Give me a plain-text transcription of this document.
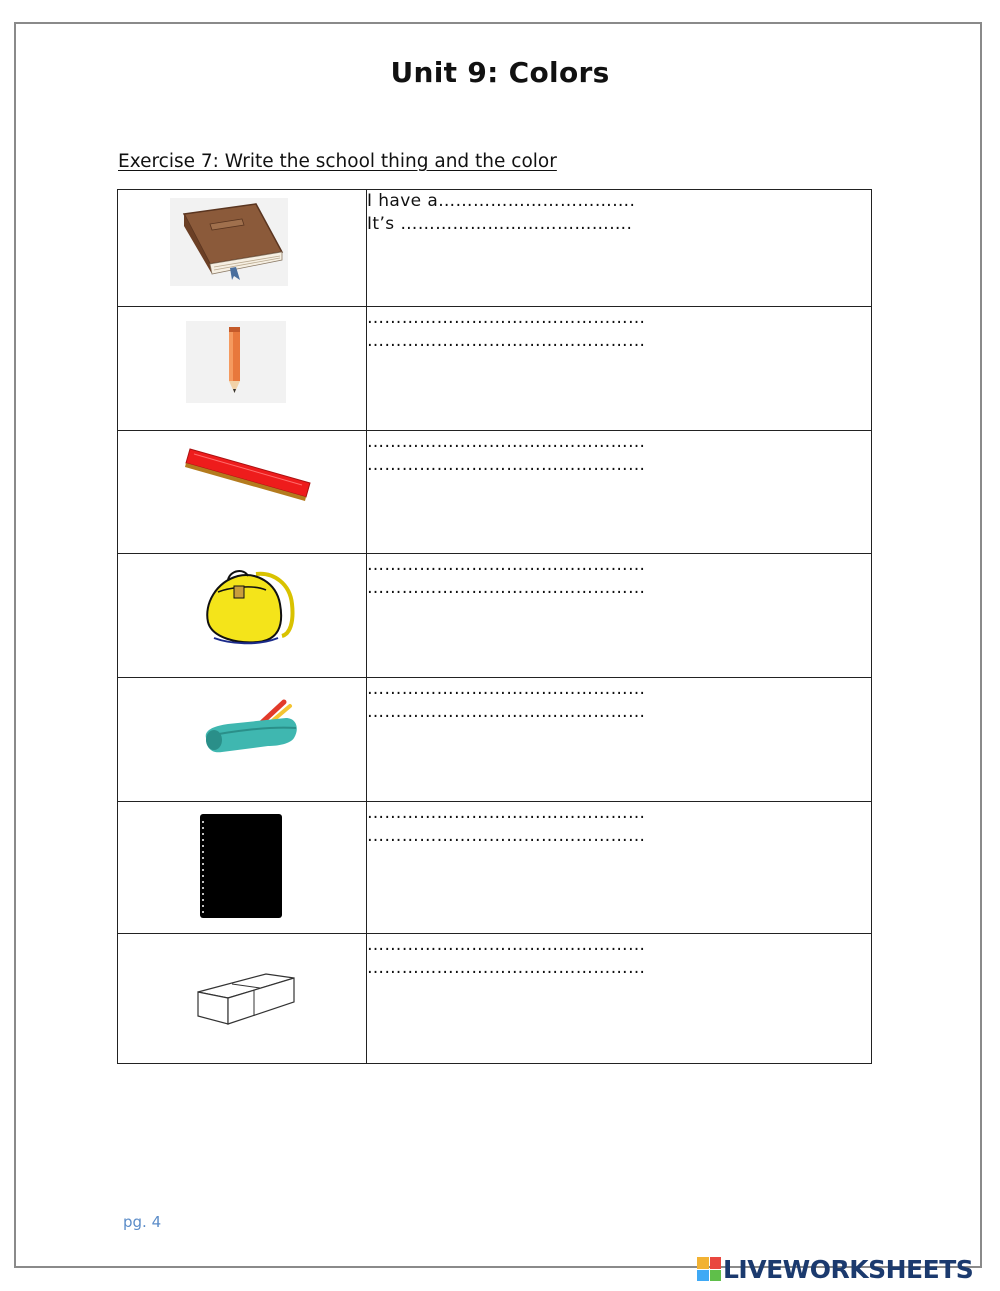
Unit 9: Colors
Exercise 7: Write the school thing and the color

I have a…………………………….
It’s ………………………………….

…………………………………………
…………………………………………

…………………………………………
…………………………………………

…………………………………………
…………………………………………

…………………………………………
…………………………………………

…………………………………………
…………………………………………

…………………………………………
…………………………………………
pg. 4
LIVEWORKSHEETS
